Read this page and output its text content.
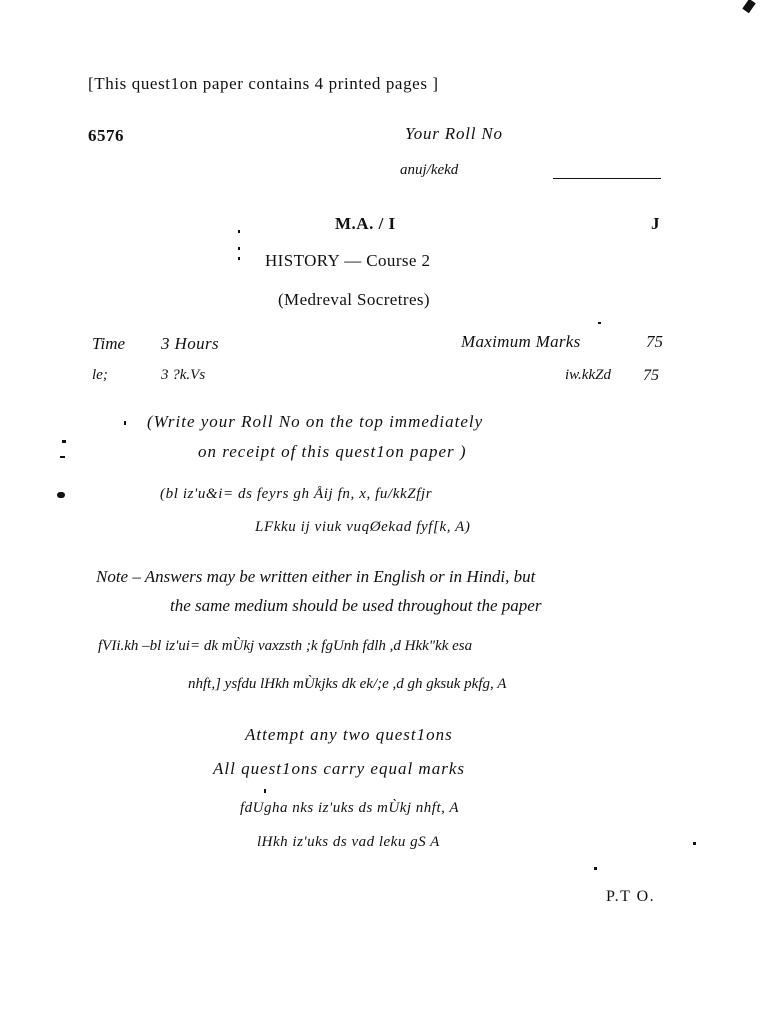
[This quest1on paper contains 4 printed pages ]
6576	Your Roll No
anuj/kekd
M.A. / I	J
HISTORY — Course 2
(Medreval Socretres)
Time 3 Hours	Maximum Marks	75
le;	3 ?k.Vs	iw.kkZd 75
(Write your Roll No on the top immediately
on receipt of this quest1on paper )
(bl iz'u&i= ds feyrs gh Åij fn, x, fu/kkZfjr
LFkku ij viuk vuqØekad fyf[k, A)
Note – Answers may be written either in English or in Hindi, but
the same medium should be used throughout the paper
fVIi.kh –bl iz'ui= dk mÙkj vaxzsth ;k fgUnh fdlh ,d Hkk"kk esa
nhft,] ysfdu lHkh mÙkjks dk ek/;e ,d gh gksuk pkfg, A
Attempt any two quest1ons
All quest1ons carry equal marks
fdUgha nks iz'uks ds mÙkj nhft, A
lHkh iz'uks ds vad leku gS A
P.T O.
